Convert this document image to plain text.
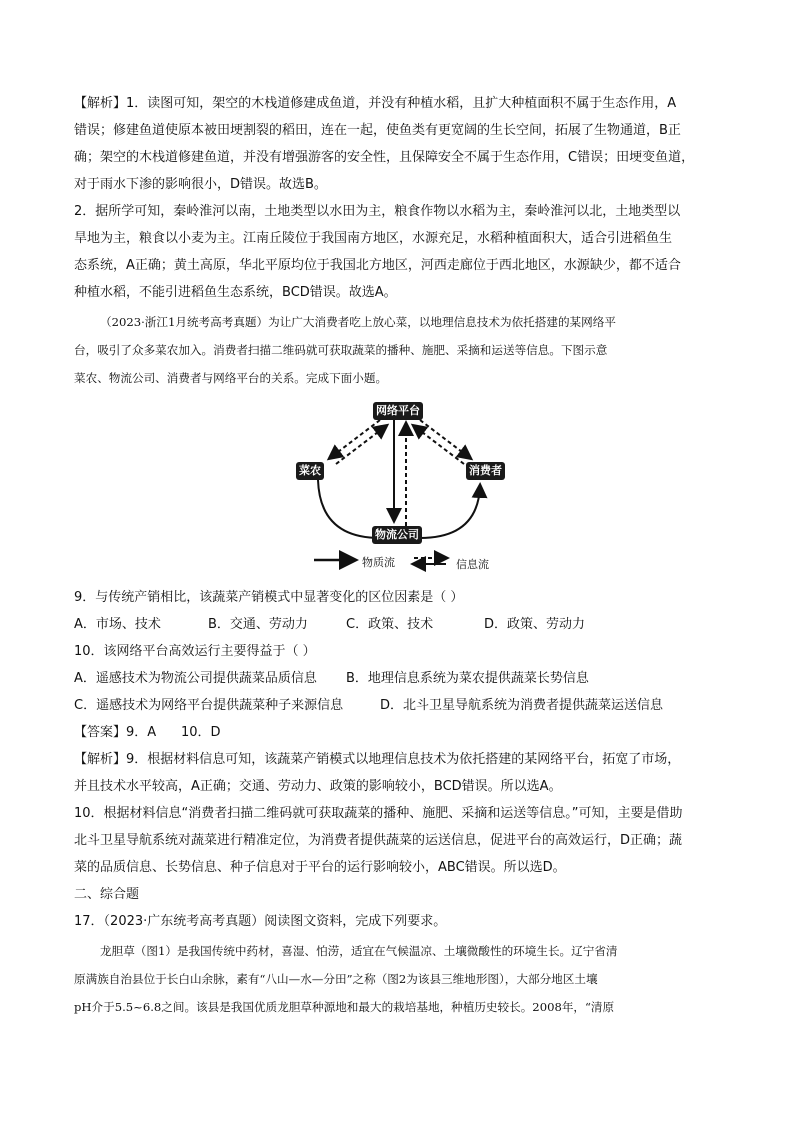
【解析】1．读图可知，架空的木栈道修建成鱼道，并没有种植水稻，且扩大种植面积不属于生态作用，A
错误；修建鱼道使原本被田埂割裂的稻田，连在一起，使鱼类有更宽阔的生长空间，拓展了生物通道，B正
确；架空的木栈道修建鱼道，并没有增强游客的安全性，且保障安全不属于生态作用，C错误；田埂变鱼道，
对于雨水下渗的影响很小，D错误。故选B。

2．据所学可知，秦岭淮河以南，土地类型以水田为主，粮食作物以水稻为主，秦岭淮河以北，土地类型以
旱地为主，粮食以小麦为主。江南丘陵位于我国南方地区，水源充足，水稻种植面积大，适合引进稻鱼生
态系统，A正确；黄土高原，华北平原均位于我国北方地区，河西走廊位于西北地区，水源缺少，都不适合
种植水稻，不能引进稻鱼生态系统，BCD错误。故选A。

（2023·浙江1月统考高考真题）为让广大消费者吃上放心菜，以地理信息技术为依托搭建的某网络平
台，吸引了众多菜农加入。消费者扫描二维码就可获取蔬菜的播种、施肥、采摘和运送等信息。下图示意
菜农、物流公司、消费者与网络平台的关系。完成下面小题。

网络平台
菜农	消费者
物流公司
物质流	信息流

9．与传统产销相比，该蔬菜产销模式中显著变化的区位因素是（ ）

A．市场、技术	B．交通、劳动力	C．政策、技术	D．政策、劳动力

10．该网络平台高效运行主要得益于（ ）

A．遥感技术为物流公司提供蔬菜品质信息	B．地理信息系统为菜农提供蔬菜长势信息
C．遥感技术为网络平台提供蔬菜种子来源信息	D．北斗卫星导航系统为消费者提供蔬菜运送信息

【答案】9．A      10．D

【解析】9．根据材料信息可知，该蔬菜产销模式以地理信息技术为依托搭建的某网络平台，拓宽了市场，
并且技术水平较高，A正确；交通、劳动力、政策的影响较小，BCD错误。所以选A。

10．根据材料信息“消费者扫描二维码就可获取蔬菜的播种、施肥、采摘和运送等信息。”可知，主要是借助
北斗卫星导航系统对蔬菜进行精准定位，为消费者提供蔬菜的运送信息，促进平台的高效运行，D正确；蔬
菜的品质信息、长势信息、种子信息对于平台的运行影响较小，ABC错误。所以选D。

二、综合题

17．（2023·广东统考高考真题）阅读图文资料，完成下列要求。

龙胆草（图1）是我国传统中药材，喜湿、怕涝，适宜在气候温凉、土壤微酸性的环境生长。辽宁省清
原满族自治县位于长白山余脉，素有“八山—水—分田”之称（图2为该县三维地形图），大部分地区土壤
pH介于5.5~6.8之间。该县是我国优质龙胆草种源地和最大的栽培基地，种植历史较长。2008年，“清原
